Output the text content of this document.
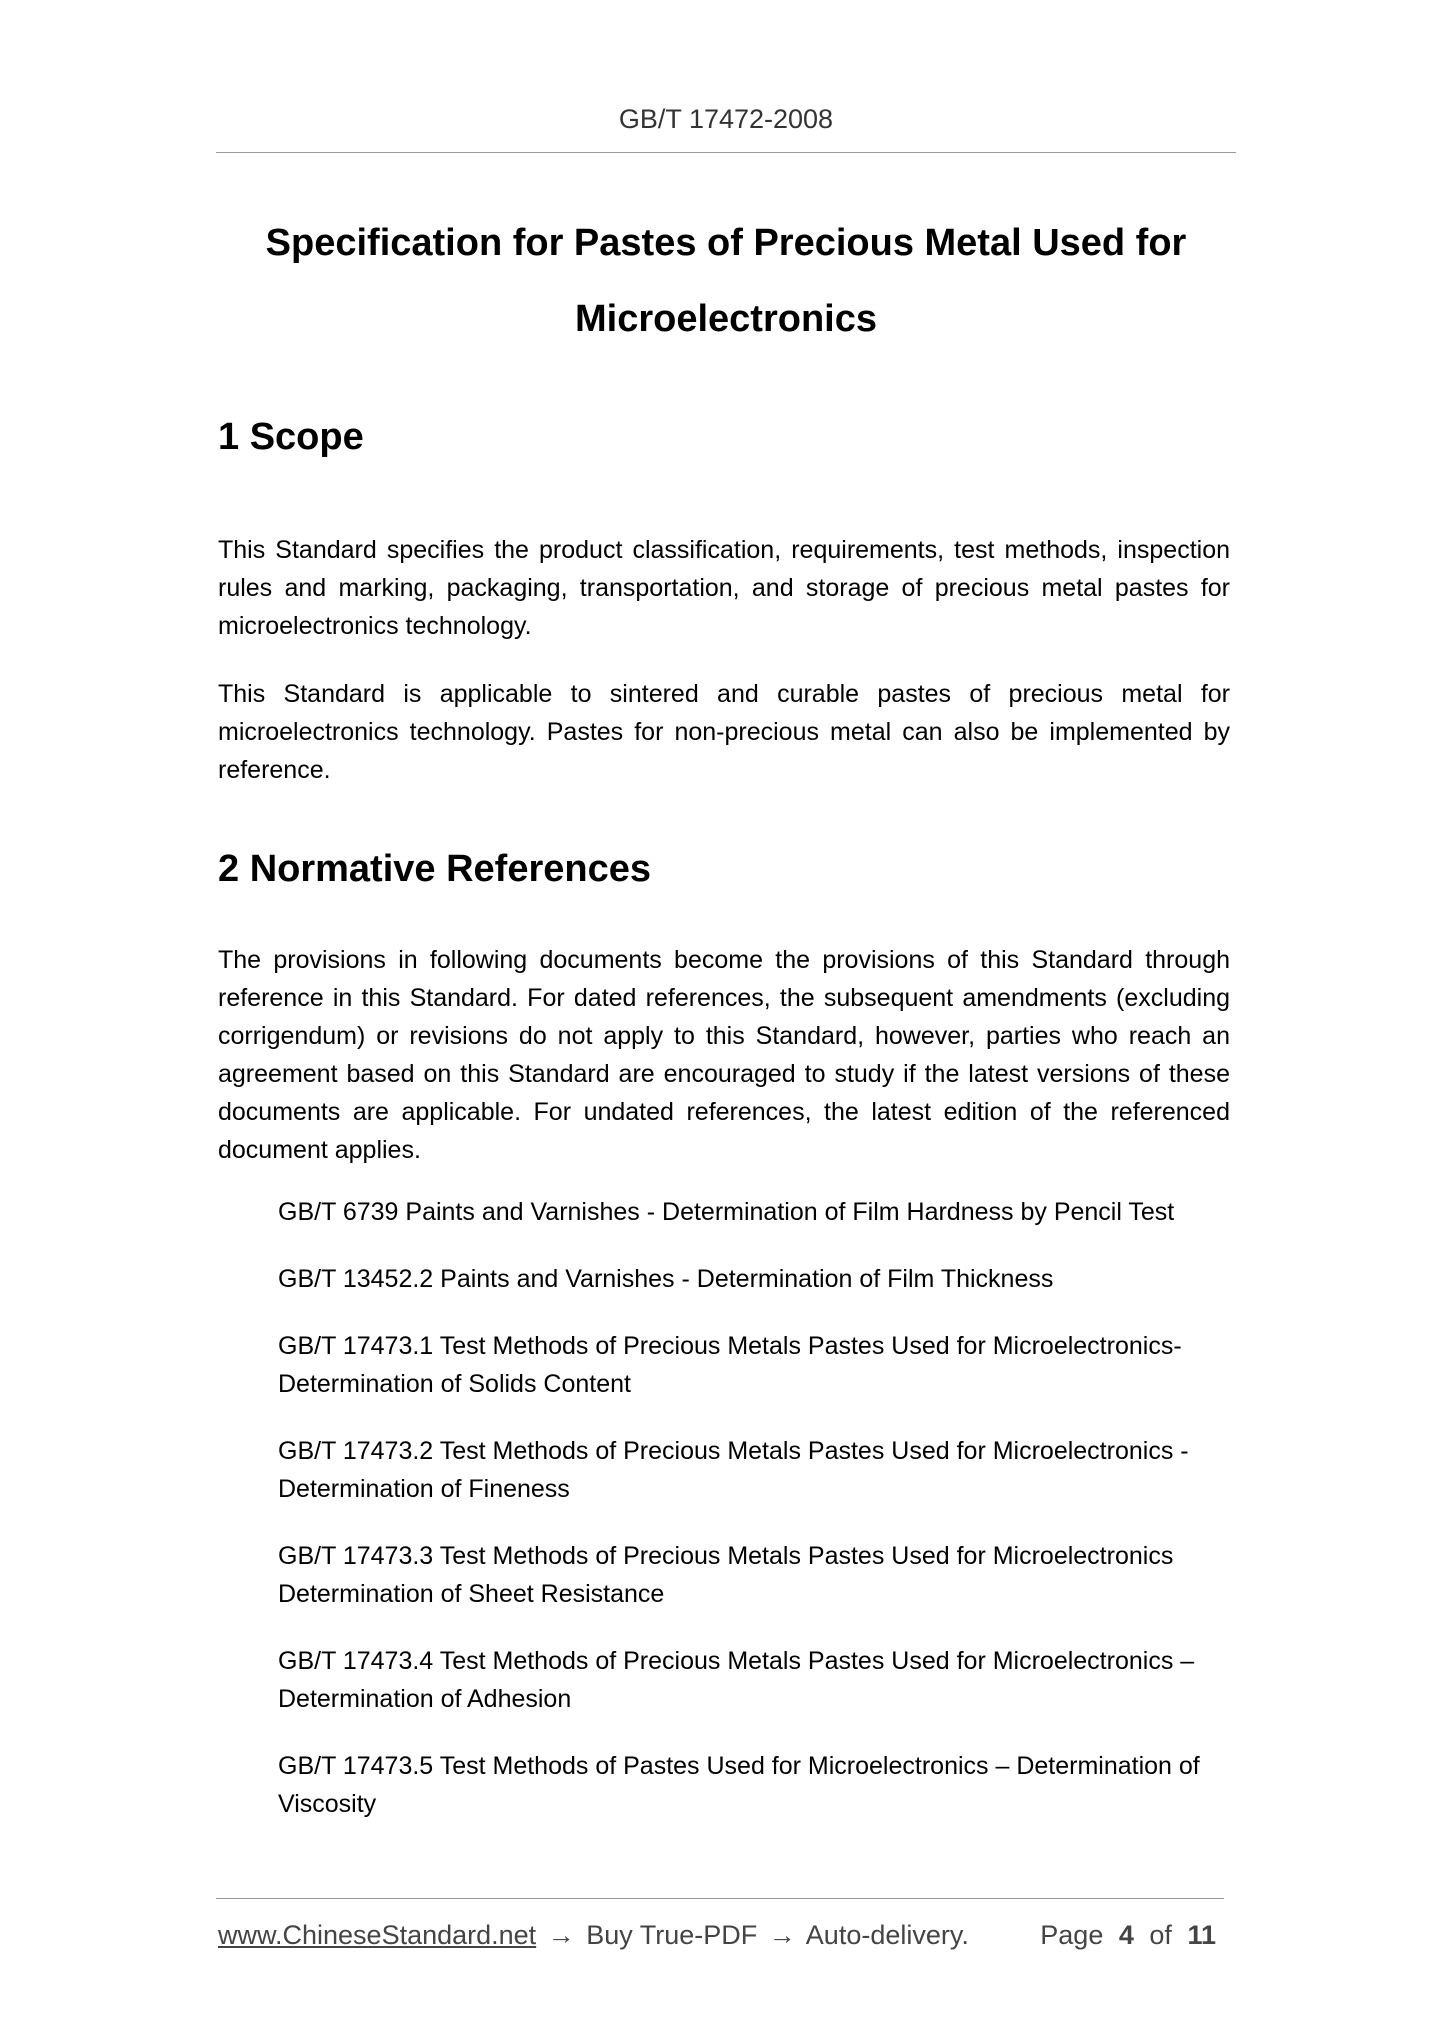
GB/T 17472-2008
Specification for Pastes of Precious Metal Used for
Microelectronics
1 Scope

This Standard specifies the product classification, requirements, test methods, inspection rules and marking, packaging, transportation, and storage of precious metal pastes for microelectronics technology.

This Standard is applicable to sintered and curable pastes of precious metal for microelectronics technology. Pastes for non-precious metal can also be implemented by reference.

2 Normative References

The provisions in following documents become the provisions of this Standard through reference in this Standard. For dated references, the subsequent amendments (excluding corrigendum) or revisions do not apply to this Standard, however, parties who reach an agreement based on this Standard are encouraged to study if the latest versions of these documents are applicable. For undated references, the latest edition of the referenced document applies.

GB/T 6739 Paints and Varnishes - Determination of Film Hardness by Pencil Test
GB/T 13452.2 Paints and Varnishes - Determination of Film Thickness
GB/T 17473.1 Test Methods of Precious Metals Pastes Used for Microelectronics-Determination of Solids Content
GB/T 17473.2 Test Methods of Precious Metals Pastes Used for Microelectronics - Determination of Fineness
GB/T 17473.3 Test Methods of Precious Metals Pastes Used for Microelectronics Determination of Sheet Resistance
GB/T 17473.4 Test Methods of Precious Metals Pastes Used for Microelectronics – Determination of Adhesion
GB/T 17473.5 Test Methods of Pastes Used for Microelectronics – Determination of Viscosity
www.ChineseStandard.net → Buy True-PDF → Auto-delivery.	Page 4 of 11
